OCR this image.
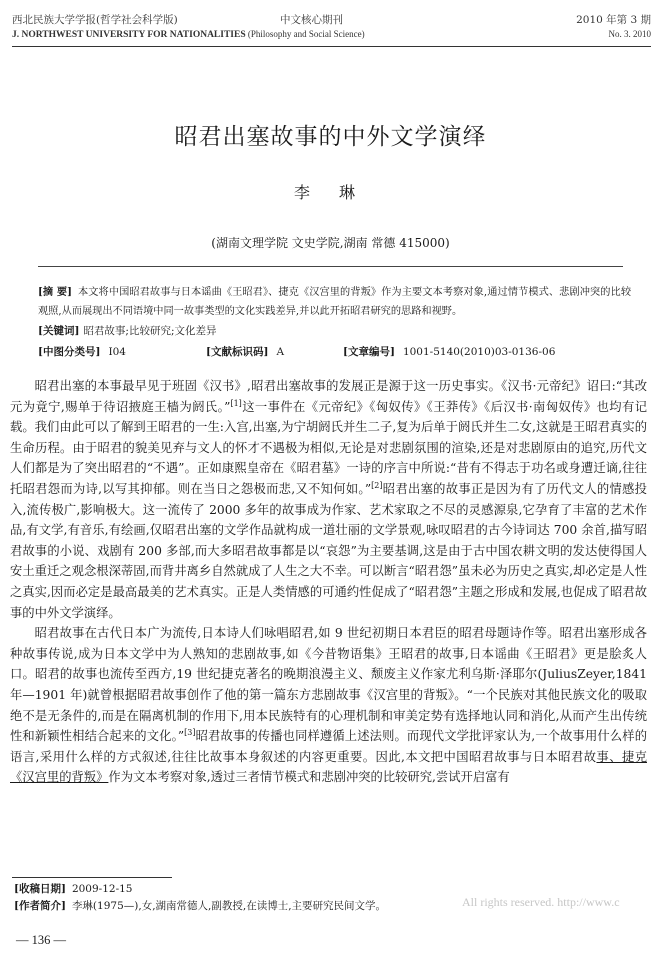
西北民族大学学报(哲学社会科学版)	中文核心期刊	2010 年第 3 期
J. NORTHWEST UNIVERSITY FOR NATIONALITIES (Philosophy and Social Science)	No. 3. 2010
昭君出塞故事的中外文学演绎
李 琳
(湖南文理学院 文史学院,湖南 常德 415000)
[摘 要] 本文将中国昭君故事与日本谣曲《王昭君》、捷克《汉宫里的背叛》作为主要文本考察对象,通过情节模式、悲剧冲突的比较观照,从而展现出不同语境中同一故事类型的文化实践差异,并以此开拓昭君研究的思路和视野。
[关键词] 昭君故事;比较研究;文化差异
[中图分类号] I04	[文献标识码] A	[文章编号] 1001-5140(2010)03-0136-06

昭君出塞的本事最早见于班固《汉书》,昭君出塞故事的发展正是源于这一历史事实。《汉书·元帝纪》诏曰:“其改元为竟宁,赐单于待诏掖庭王樯为阏氏。”[1]这一事件在《元帝纪》《匈奴传》《王莽传》《后汉书·南匈奴传》也均有记载。我们由此可以了解到王昭君的一生:入宫,出塞,为宁胡阏氏并生二子,复为后单于阏氏并生二女,这就是王昭君真实的生命历程。由于昭君的貌美见弃与文人的怀才不遇极为相似,无论是对悲剧氛围的渲染,还是对悲剧原由的追究,历代文人们都是为了突出昭君的“不遇”。正如康熙皇帝在《昭君墓》一诗的序言中所说:“昔有不得志于功名或身遭迁谪,往往托昭君怨而为诗,以写其抑郁。则在当日之怨极而悲,又不知何如。”[2]昭君出塞的故事正是因为有了历代文人的情感投入,流传极广,影响极大。这一流传了 2000 多年的故事成为作家、艺术家取之不尽的灵感源泉,它孕育了丰富的艺术作品,有文学,有音乐,有绘画,仅昭君出塞的文学作品就构成一道壮丽的文学景观,咏叹昭君的古今诗词达 700 余首,描写昭君故事的小说、戏剧有 200 多部,而大多昭君故事都是以“哀怨”为主要基调,这是由于古中国农耕文明的发达使得国人安土重迁之观念根深蒂固,而背井离乡自然就成了人生之大不幸。可以断言“昭君怨”虽未必为历史之真实,却必定是人性之真实,因而必定是最高最美的艺术真实。正是人类情感的可通约性促成了“昭君怨”主题之形成和发展,也促成了昭君故事的中外文学演绎。

昭君故事在古代日本广为流传,日本诗人们咏唱昭君,如 9 世纪初期日本君臣的昭君母题诗作等。昭君出塞形成各种故事传说,成为日本文学中为人熟知的悲剧故事,如《今昔物语集》王昭君的故事,日本谣曲《王昭君》更是脍炙人口。昭君的故事也流传至西方,19 世纪捷克著名的晚期浪漫主义、颓废主义作家尤利乌斯·泽耶尔(JuliusZeyer,1841 年—1901 年)就曾根据昭君故事创作了他的第一篇东方悲剧故事《汉宫里的背叛》。“一个民族对其他民族文化的吸取绝不是无条件的,而是在隔离机制的作用下,用本民族特有的心理机制和审美定势有选择地认同和消化,从而产生出传统性和新颖性相结合起来的文化。”[3]昭君故事的传播也同样遵循上述法则。而现代文学批评家认为,一个故事用什么样的语言,采用什么样的方式叙述,往往比故事本身叙述的内容更重要。因此,本文把中国昭君故事与日本昭君故事、捷克《汉宫里的背叛》作为文本考察对象,透过三者情节模式和悲剧冲突的比较研究,尝试开启富有

[收稿日期] 2009-12-15
[作者简介] 李琳(1975—),女,湖南常德人,副教授,在读博士,主要研究民间文学。	All rights reserved. http://www.c
— 136 —
